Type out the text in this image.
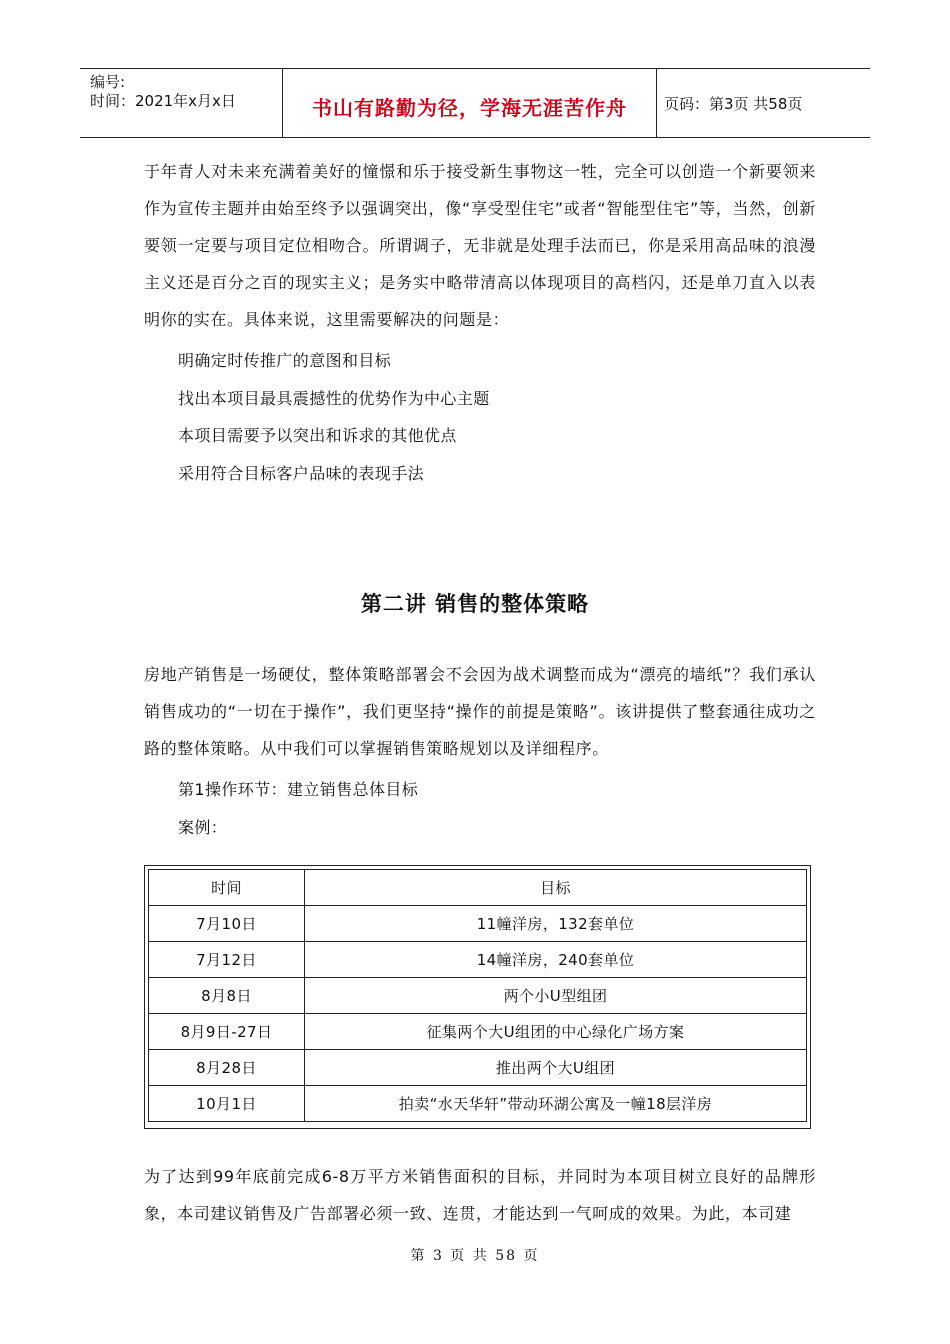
编号:
时间：2021年x月x日	书山有路勤为径，学海无涯苦作舟	页码：第3页 共58页
于年青人对未来充满着美好的憧憬和乐于接受新生事物这一牲，完全可以创造一个新要领来作为宣传主题并由始至终予以强调突出，像“享受型住宅”或者“智能型住宅”等，当然，创新要领一定要与项目定位相吻合。所谓调子，无非就是处理手法而已，你是采用高品味的浪漫主义还是百分之百的现实主义；是务实中略带清高以体现项目的高档闪，还是单刀直入以表明你的实在。具体来说，这里需要解决的问题是：
明确定时传推广的意图和目标
找出本项目最具震撼性的优势作为中心主题
本项目需要予以突出和诉求的其他优点
采用符合目标客户品味的表现手法
第二讲 销售的整体策略
房地产销售是一场硬仗，整体策略部署会不会因为战术调整而成为“漂亮的墙纸”？我们承认销售成功的“一切在于操作”，我们更坚持“操作的前提是策略”。该讲提供了整套通往成功之路的整体策略。从中我们可以掌握销售策略规划以及详细程序。
第1操作环节：建立销售总体目标
案例：
时间	目标
7月10日	11幢洋房，132套单位
7月12日	14幢洋房，240套单位
8月8日	两个小U型组团
8月9日-27日	征集两个大U组团的中心绿化广场方案
8月28日	推出两个大U组团
10月1日	拍卖“水天华轩”带动环湖公寓及一幢18层洋房
为了达到99年底前完成6-8万平方米销售面积的目标，并同时为本项目树立良好的品牌形象，本司建议销售及广告部署必须一致、连贯，才能达到一气呵成的效果。为此，本司建
第 3 页 共 58 页
